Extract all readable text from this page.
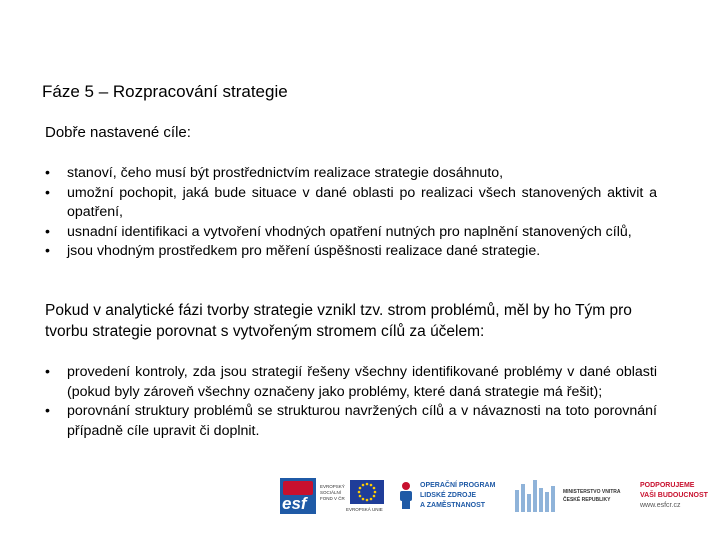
Fáze 5 – Rozpracování strategie
Dobře nastavené cíle:
• stanoví, čeho musí být prostřednictvím realizace strategie dosáhnuto,
• umožní pochopit, jaká bude situace v dané oblasti po realizaci všech stanovených aktivit a opatření,
• usnadní identifikaci a vytvoření vhodných opatření nutných pro naplnění stanovených cílů,
• jsou vhodným prostředkem pro měření úspěšnosti realizace dané strategie.
Pokud v analytické fázi tvorby strategie vznikl tzv. strom problémů, měl by ho Tým pro tvorbu strategie porovnat s vytvořeným stromem cílů za účelem:
• provedení kontroly, zda jsou strategií řešeny všechny identifikované problémy v dané oblasti (pokud byly zároveň všechny označeny jako problémy, které daná strategie má řešit);
• porovnání struktury problémů se strukturou navržených cílů a v návaznosti na toto porovnání případně cíle upravit či doplnit.
esf
EVROPSKÝ
SOCIÁLNÍ
FOND V ČR
EVROPSKÁ UNIE
OPERAČNÍ PROGRAM
LIDSKÉ ZDROJE
A ZAMĚSTNANOST
MINISTERSTVO VNITRA
ČESKÉ REPUBLIKY
PODPORUJEME
VAŠI BUDOUCNOST
www.esfcr.cz
